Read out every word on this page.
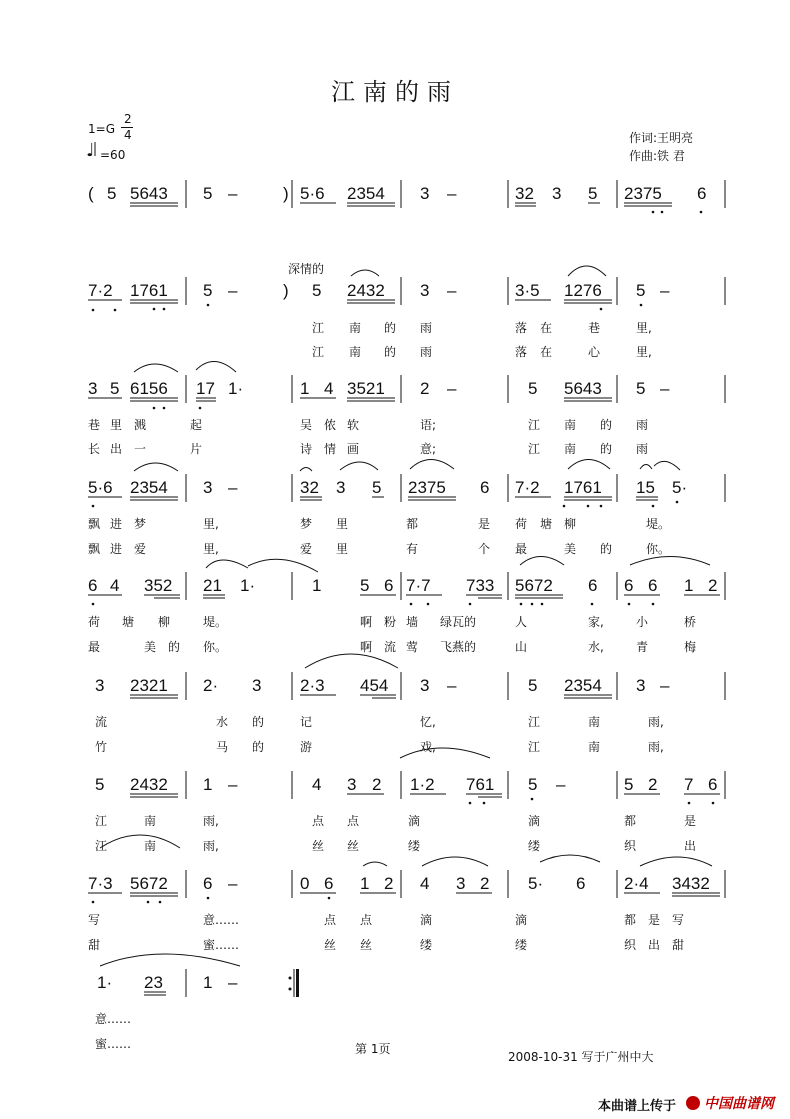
江南的雨
1=G
2
4
♩ =60
作词:王明亮
作曲:铁 君
深情的
( 5 5643 5 –	) 5·6 2354 3 –	32 3 5 2375 6
7·2 1761 5 –	) 5 2432 3 –	3·5 1276 5 –
江 南 的 雨	落 在	巷	里,
江 南 的 雨	落 在	心	里,
3 5 6156 17 1·	1 4 3521 2 –	5 5643 5 –
巷 里 溅	起	吴 侬 软	语;	江 南 的 雨
长 出 一	片	诗 情 画	意;	江 南 的 雨
5·6 2354 3 –	32 3 5 2375 6 7·2 1761 15 5·
飘 进 梦	里,	梦 里	都	是 荷 塘 柳	堤。
飘 进 爱	里,	爱 里	有	个 最	美 的	你。
6 4 352 21 1·	1 5 6 7·7 733 5672 6 6 6 1 2
荷 塘 柳	堤。	啊 粉 墙 绿瓦的	人	家,	小	桥
最	美 的 你。	啊 流 莺 飞燕的	山	水,	青	梅
3 2321 2· 3 2·3 454 3 –	5 2354 3 –
流	水 的	记	忆,	江	南	雨,
竹	马 的	游	戏,	江	南	雨,
5 2432 1 –	4 3 2 1·2 761 5 –	5 2 7 6
江	南	雨,	点 点	滴	滴	都	是
江	南	雨,	丝 丝	缕	缕	织	出
7·3 5672 6 –	0 6 1 2 4 3 2 5· 6 2·4 3432
写	意……	点 点	滴	滴	都 是 写
甜	蜜……	丝 丝	缕	缕	织 出 甜
1· 23 1 –
意……
蜜……	第 1页
2008-10-31 写于广州中大
本曲谱上传于 中国曲谱网
